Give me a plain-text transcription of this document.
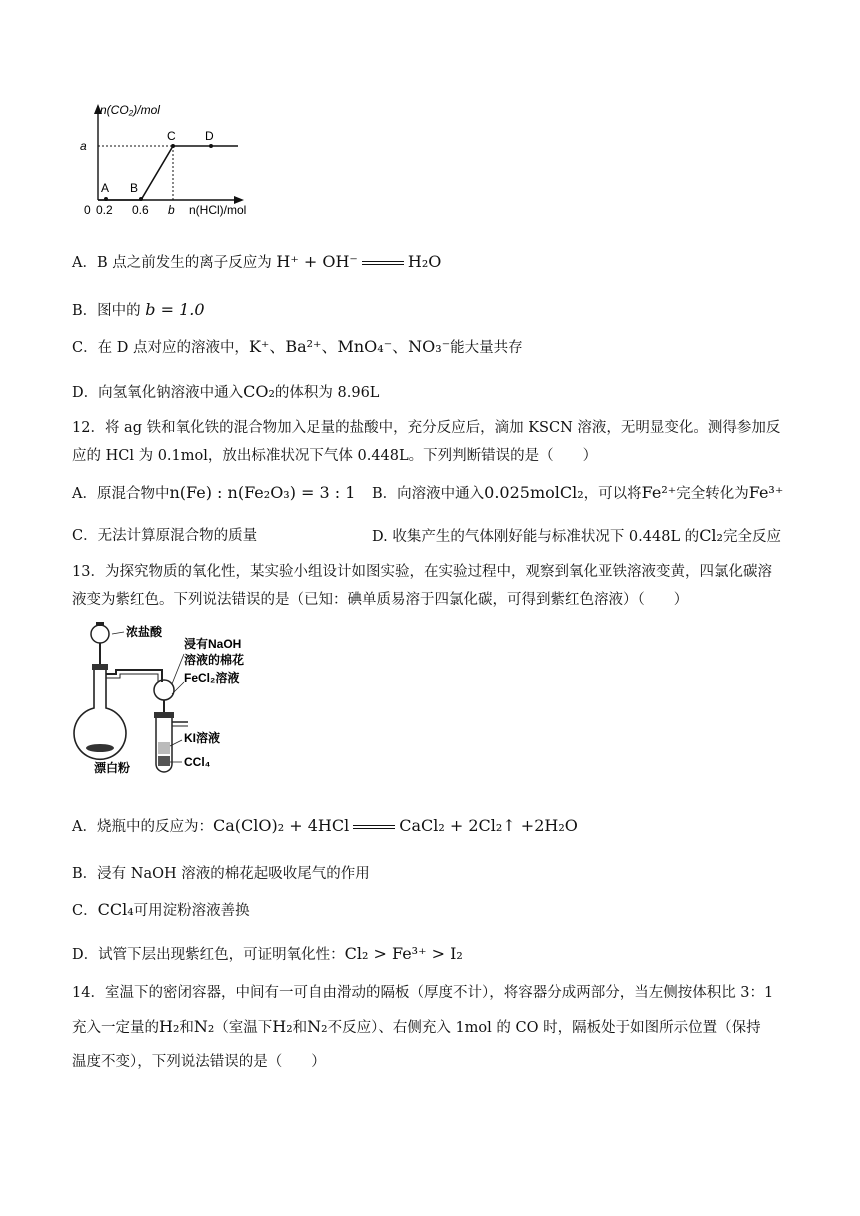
n(CO₂)/mol
a
A B
C D
0 0.2 0.6 b n(HCl)/mol
A．B 点之前发生的离子反应为 H⁺ + OH⁻	H₂O
B．图中的 b = 1.0
C．在 D 点对应的溶液中，K⁺、Ba²⁺、MnO₄⁻、NO₃⁻能大量共存
D．向氢氧化钠溶液中通入CO₂的体积为 8.96L
12．将 ag 铁和氧化铁的混合物加入足量的盐酸中，充分反应后，滴加 KSCN 溶液，无明显变化。测得参加反
应的 HCl 为 0.1mol，放出标准状况下气体 0.448L。下列判断错误的是（　　）
A．原混合物中n(Fe) : n(Fe₂O₃) = 3 : 1 B．向溶液中通入0.025molCl₂，可以将Fe²⁺完全转化为Fe³⁺
C．无法计算原混合物的质量	D. 收集产生的气体刚好能与标准状况下 0.448L 的Cl₂完全反应
13．为探究物质的氧化性，某实验小组设计如图实验，在实验过程中，观察到氧化亚铁溶液变黄，四氯化碳溶
液变为紫红色。下列说法错误的是（已知：碘单质易溶于四氯化碳，可得到紫红色溶液）（　　）
浓盐酸
浸有NaOH
溶液的棉花
FeCl₂溶液
KI溶液
漂白粉	CCl₄
A．烧瓶中的反应为：Ca(ClO)₂ + 4HCl	CaCl₂ + 2Cl₂↑ +2H₂O
B．浸有 NaOH 溶液的棉花起吸收尾气的作用
C．CCl₄可用淀粉溶液善换
D．试管下层出现紫红色，可证明氧化性：Cl₂ > Fe³⁺ > I₂
14．室温下的密闭容器，中间有一可自由滑动的隔板（厚度不计），将容器分成两部分，当左侧按体积比 3：1
充入一定量的H₂和N₂（室温下H₂和N₂不反应）、右侧充入 1mol 的 CO 时，隔板处于如图所示位置（保持
温度不变），下列说法错误的是（　　）
